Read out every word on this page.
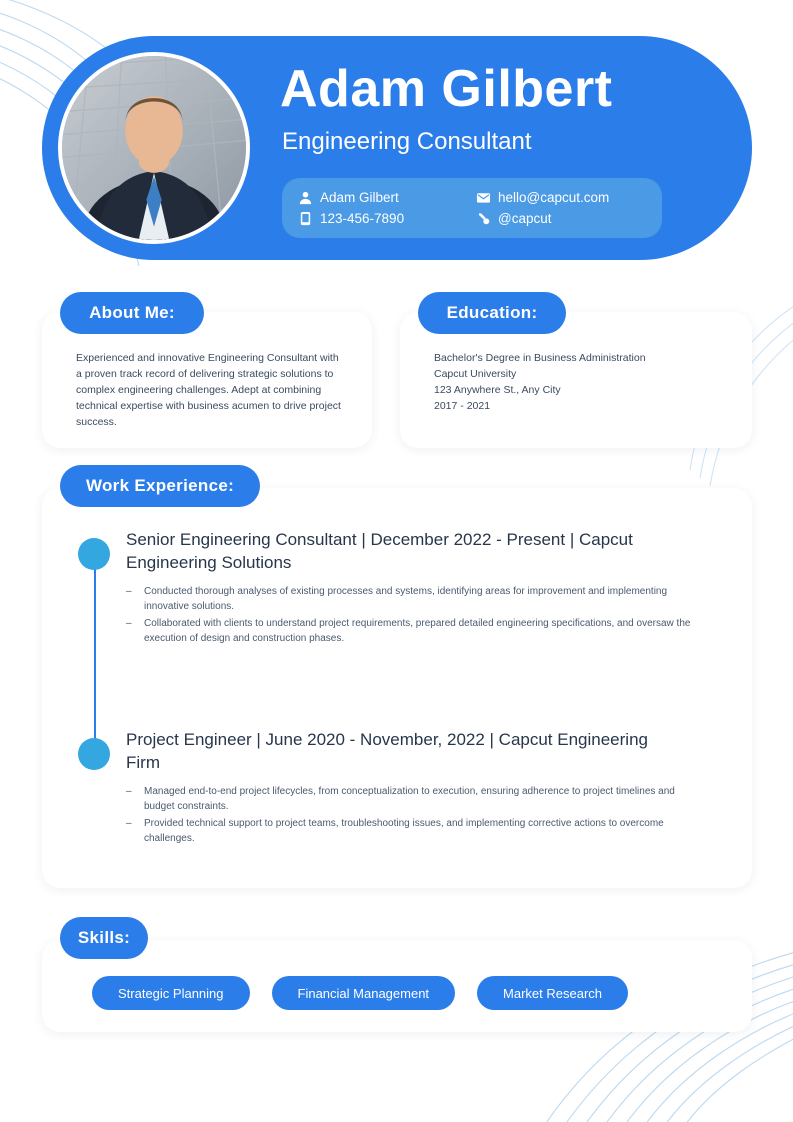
Adam Gilbert
Engineering Consultant
Adam Gilbert	hello@capcut.com
123-456-7890	@capcut
Experienced and innovative Engineering Consultant with a proven track record of delivering strategic solutions to complex engineering challenges. Adept at combining technical expertise with business acumen to drive project success.
About Me:
Bachelor's Degree in Business Administration
Capcut University
123 Anywhere St., Any City
2017 - 2021
Education:
Work Experience:
Senior Engineering Consultant | December 2022 - Present | Capcut Engineering Solutions
– Conducted thorough analyses of existing processes and systems, identifying areas for improvement and implementing innovative solutions.
– Collaborated with clients to understand project requirements, prepared detailed engineering specifications, and oversaw the execution of design and construction phases.
Project Engineer | June 2020 - November, 2022 | Capcut Engineering Firm
– Managed end-to-end project lifecycles, from conceptualization to execution, ensuring adherence to project timelines and budget constraints.
– Provided technical support to project teams, troubleshooting issues, and implementing corrective actions to overcome challenges.
Strategic Planning	Financial Management	Market Research
Skills:
